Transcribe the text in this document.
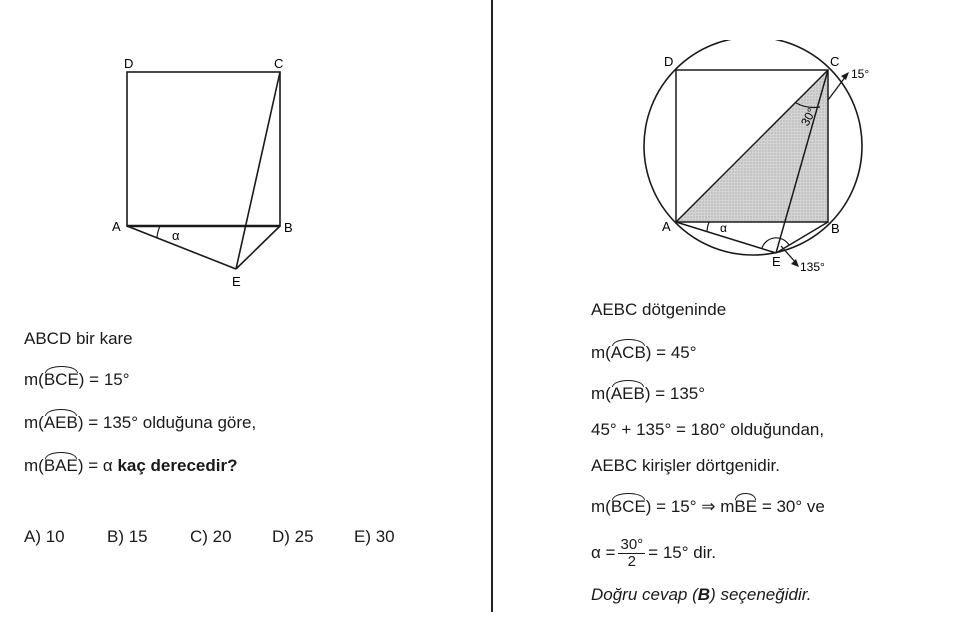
D	C
A	B
E
α
ABCD bir kare
m(BCE) = 15°
m(AEB) = 135° olduğuna göre,
m(BAE) = α kaç derecedir?
A) 10 B) 15 C) 20 D) 25 E) 30
D	C
A	B
E
α
15°
135°
30°
AEBC dötgeninde
m(ACB) = 45°
m(AEB) = 135°
45° + 135° = 180° olduğundan,
AEBC kirişler dörtgenidir.
m(BCE) = 15° ⇒ mBE = 30° ve
$\alpha = \frac{30^\circ}{2} = 15^\circ$ dir.
Doğru cevap (B) seçeneğidir.
